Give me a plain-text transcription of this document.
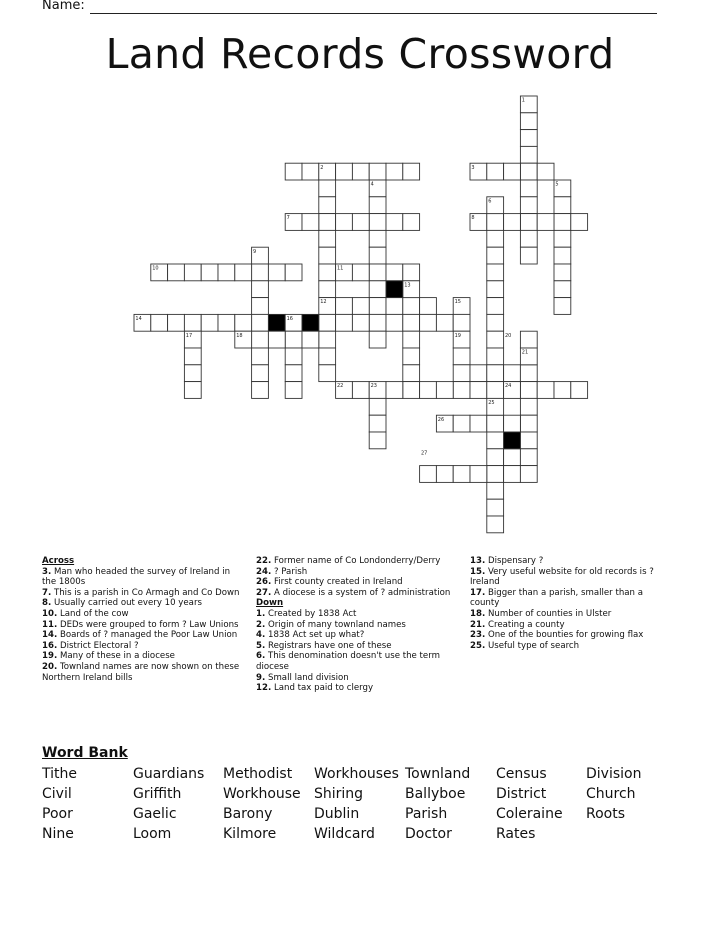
Name:
Land Records Crossword
1
2	3
4	5
6
7	8
9
10	11
12
13
14
15
16
17	18	19	20
21
22	23	24
25
26
27

Across

3. Man who headed the survey of Ireland in the 1800s

7. This is a parish in Co Armagh and Co Down

8. Usually carried out every 10 years

10. Land of the cow

11. DEDs were grouped to form ? Law Unions

14. Boards of ? managed the Poor Law Union

16. District Electoral ?

19. Many of these in a diocese

20. Townland names are now shown on these Northern Ireland bills

22. Former name of Co Londonderry/Derry

24. ? Parish

26. First county created in Ireland

27. A diocese is a system of ? administration

Down

1. Created by 1838 Act

2. Origin of many townland names

4. 1838 Act set up what?

5. Registrars have one of these

6. This denomination doesn't use the term diocese

9. Small land division

12. Land tax paid to clergy

13. Dispensary ?

15. Very useful website for old records is ? Ireland

17. Bigger than a parish, smaller than a county

18. Number of counties in Ulster

21. Creating a county

23. One of the bounties for growing flax

25. Useful type of search

Word Bank
Tithe	Guardians Methodist Workhouses Townland Census	Division
Civil	Griffith	Workhouse Shiring	Ballyboe District	Church
Poor	Gaelic	Barony	Dublin	Parish	Coleraine Roots
Nine	Loom	Kilmore	Wildcard Doctor	Rates
